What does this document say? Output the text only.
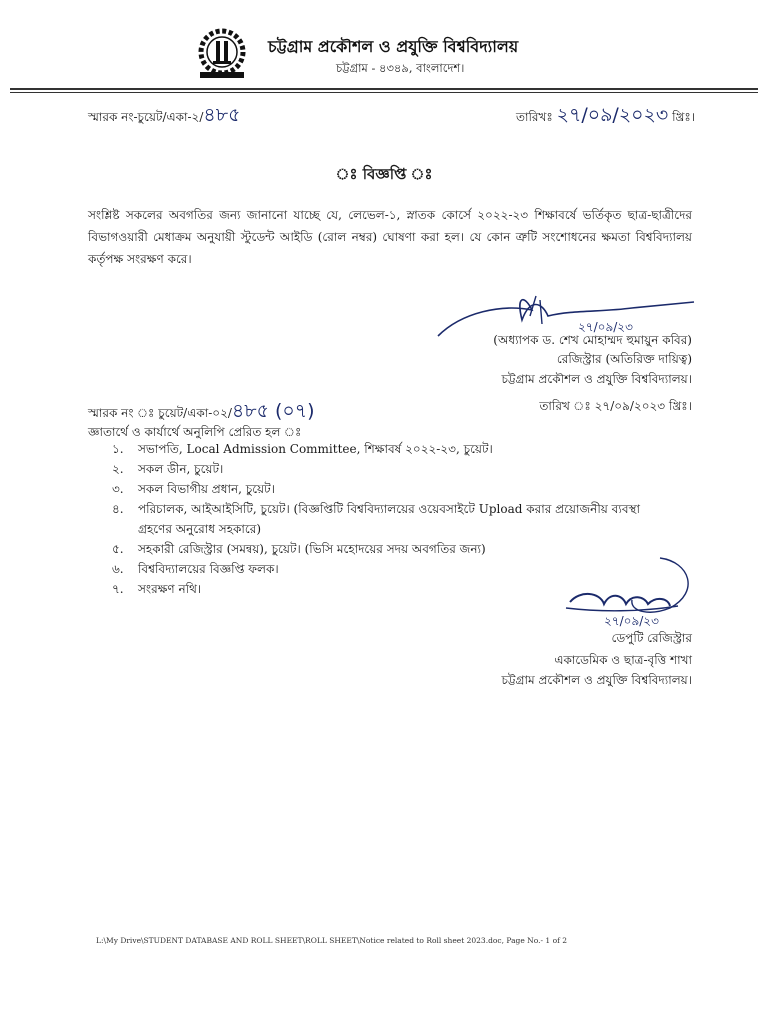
চট্টগ্রাম প্রকৌশল ও প্রযুক্তি বিশ্ববিদ্যালয়
চট্টগ্রাম - ৪৩৪৯, বাংলাদেশ।
স্মারক নং-চুয়েট/একা-২/৪৮৫	তারিখঃ ২৭/০৯/২০২৩ খ্রিঃ।
ঃ বিজ্ঞপ্তি ঃ
সংশ্লিষ্ট সকলের অবগতির জন্য জানানো যাচ্ছে যে, লেভেল-১, স্নাতক কোর্সে ২০২২-২৩ শিক্ষাবর্ষে ভর্তিকৃত ছাত্র-ছাত্রীদের বিভাগওয়ারী মেধাক্রম অনুযায়ী স্টুডেন্ট আইডি (রোল নম্বর) ঘোষণা করা হল। যে কোন ত্রুটি সংশোধনের ক্ষমতা বিশ্ববিদ্যালয় কর্তৃপক্ষ সংরক্ষণ করে।
২৭/০৯/২৩
(অধ্যাপক ড. শেখ মোহাম্মদ হুমায়ুন কবির)
রেজিস্ট্রার (অতিরিক্ত দায়িত্ব)
চট্টগ্রাম প্রকৌশল ও প্রযুক্তি বিশ্ববিদ্যালয়।
স্মারক নং ঃ চুয়েট/একা-০২/৪৮৫ (০৭)	তারিখ ঃ ২৭/০৯/২০২৩ খ্রিঃ।
জ্ঞাতার্থে ও কার্যার্থে অনুলিপি প্রেরিত হল ঃ
১. সভাপতি, Local Admission Committee, শিক্ষাবর্ষ ২০২২-২৩, চুয়েট।
২. সকল ডীন, চুয়েট।
৩. সকল বিভাগীয় প্রধান, চুয়েট।
৪. পরিচালক, আইআইসিটি, চুয়েট। (বিজ্ঞপ্তিটি বিশ্ববিদ্যালয়ের ওয়েবসাইটে Upload করার প্রয়োজনীয় ব্যবস্থা গ্রহণের অনুরোধ সহকারে)
৫. সহকারী রেজিস্ট্রার (সমন্বয়), চুয়েট। (ভিসি মহোদয়ের সদয় অবগতির জন্য)
৬. বিশ্ববিদ্যালয়ের বিজ্ঞপ্তি ফলক।
৭. সংরক্ষণ নথি।
২৭/০৯/২৩
ডেপুটি রেজিস্ট্রার
একাডেমিক ও ছাত্র-বৃত্তি শাখা
চট্টগ্রাম প্রকৌশল ও প্রযুক্তি বিশ্ববিদ্যালয়।
L:\My Drive\STUDENT DATABASE AND ROLL SHEET\ROLL SHEET\Notice related to Roll sheet 2023.doc, Page No.- 1 of 2
